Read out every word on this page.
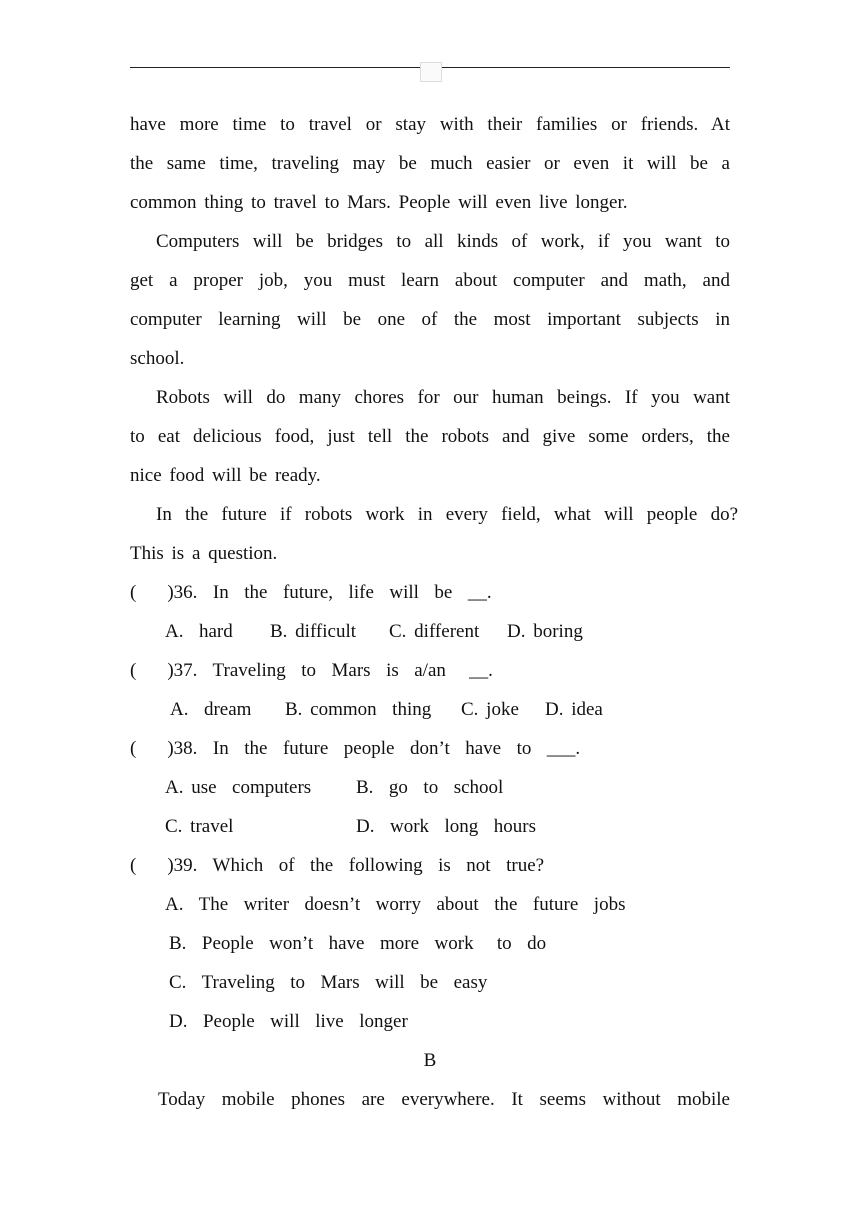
have more time to travel or stay with their families or friends. At
the same time, traveling may be much easier or even it will be a
common thing to travel to Mars. People will even live longer.
Computers will be bridges to all kinds of work, if you want to
get a proper job, you must learn about computer and math, and
computer learning will be one of the most important subjects in
school.
Robots will do many chores for our human beings. If you want
to eat delicious food, just tell the robots and give some orders, the
nice food will be ready.
In the future if robots work in every field, what will people do?
This is a question.
(    )36.  In  the  future,  life  will  be  __.
A.  hard B. difficult C. different D. boring
(    )37.  Traveling  to  Mars  is  a/an   __.
A.  dream B. common  thing C. joke D. idea
(    )38.  In  the  future  people  don’t  have  to  ___.
A. use  computers B.  go  to  school
C. travel	D.  work  long  hours
(    )39.  Which  of  the  following  is  not  true?
A.  The  writer  doesn’t  worry  about  the  future  jobs
B.  People  won’t  have  more  work   to  do
C.  Traveling  to  Mars  will  be  easy
D.  People  will  live  longer
B
Today mobile phones are everywhere. It seems without mobile
